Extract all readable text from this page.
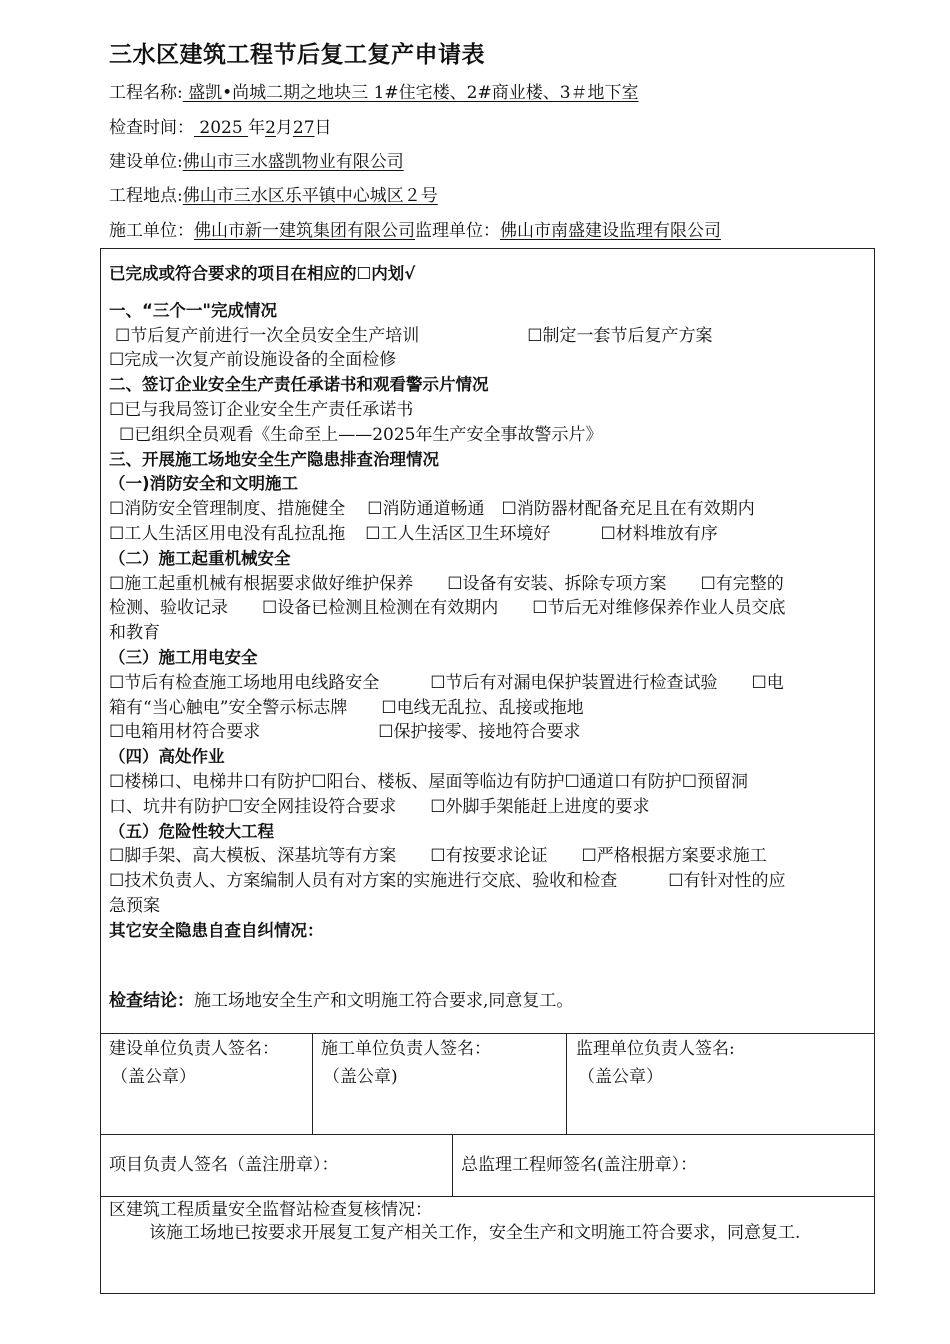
三水区建筑工程节后复工复产申请表
工程名称: 盛凯•尚城二期之地块三 1#住宅楼、2#商业楼、3＃地下室
检查时间： 2025 年2月27日
建设单位:佛山市三水盛凯物业有限公司
工程地点:佛山市三水区乐平镇中心城区２号
施工单位：佛山市新一建筑集团有限公司监理单位：佛山市南盛建设监理有限公司
已完成或符合要求的项目在相应的☐内划√
一、“三个一"完成情况
☐节后复产前进行一次全员安全生产培训	☐制定一套节后复产方案
☐完成一次复产前设施设备的全面检修
二、签订企业安全生产责任承诺书和观看警示片情况
☐已与我局签订企业安全生产责任承诺书
☐已组织全员观看《生命至上——2025年生产安全事故警示片》
三、开展施工场地安全生产隐患排查治理情况
（一)消防安全和文明施工
☐消防安全管理制度、措施健全 ☐消防通道畅通 ☐消防器材配备充足且在有效期内
☐工人生活区用电没有乱拉乱拖 ☐工人生活区卫生环境好	☐材料堆放有序
（二）施工起重机械安全
☐施工起重机械有根据要求做好维护保养　　☐设备有安装、拆除专项方案　　☐有完整的
检测、验收记录　　☐设备已检测且检测在有效期内　　☐节后无对维修保养作业人员交底
和教育
（三）施工用电安全
☐节后有检查施工场地用电线路安全　　　☐节后有对漏电保护装置进行检查试验　　☐电
箱有“当心触电”安全警示标志牌　　☐电线无乱拉、乱接或拖地
☐电箱用材符合要求	☐保护接零、接地符合要求
（四）高处作业
☐楼梯口、电梯井口有防护☐阳台、楼板、屋面等临边有防护☐通道口有防护☐预留洞
口、坑井有防护☐安全网挂设符合要求　　☐外脚手架能赶上进度的要求
（五）危险性较大工程
☐脚手架、高大模板、深基坑等有方案　　☐有按要求论证　　☐严格根据方案要求施工
☐技术负责人、方案编制人员有对方案的实施进行交底、验收和检查　　　☐有针对性的应
急预案
其它安全隐患自查自纠情况：
检查结论：施工场地安全生产和文明施工符合要求,同意复工。
建设单位负责人签名：
（盖公章）
施工单位负责人签名：
（盖公章)
监理单位负责人签名:
（盖公章）
项目负责人签名（盖注册章）：	总监理工程师签名(盖注册章）：
区建筑工程质量安全监督站检查复核情况：
该施工场地已按要求开展复工复产相关工作，安全生产和文明施工符合要求，同意复工.
